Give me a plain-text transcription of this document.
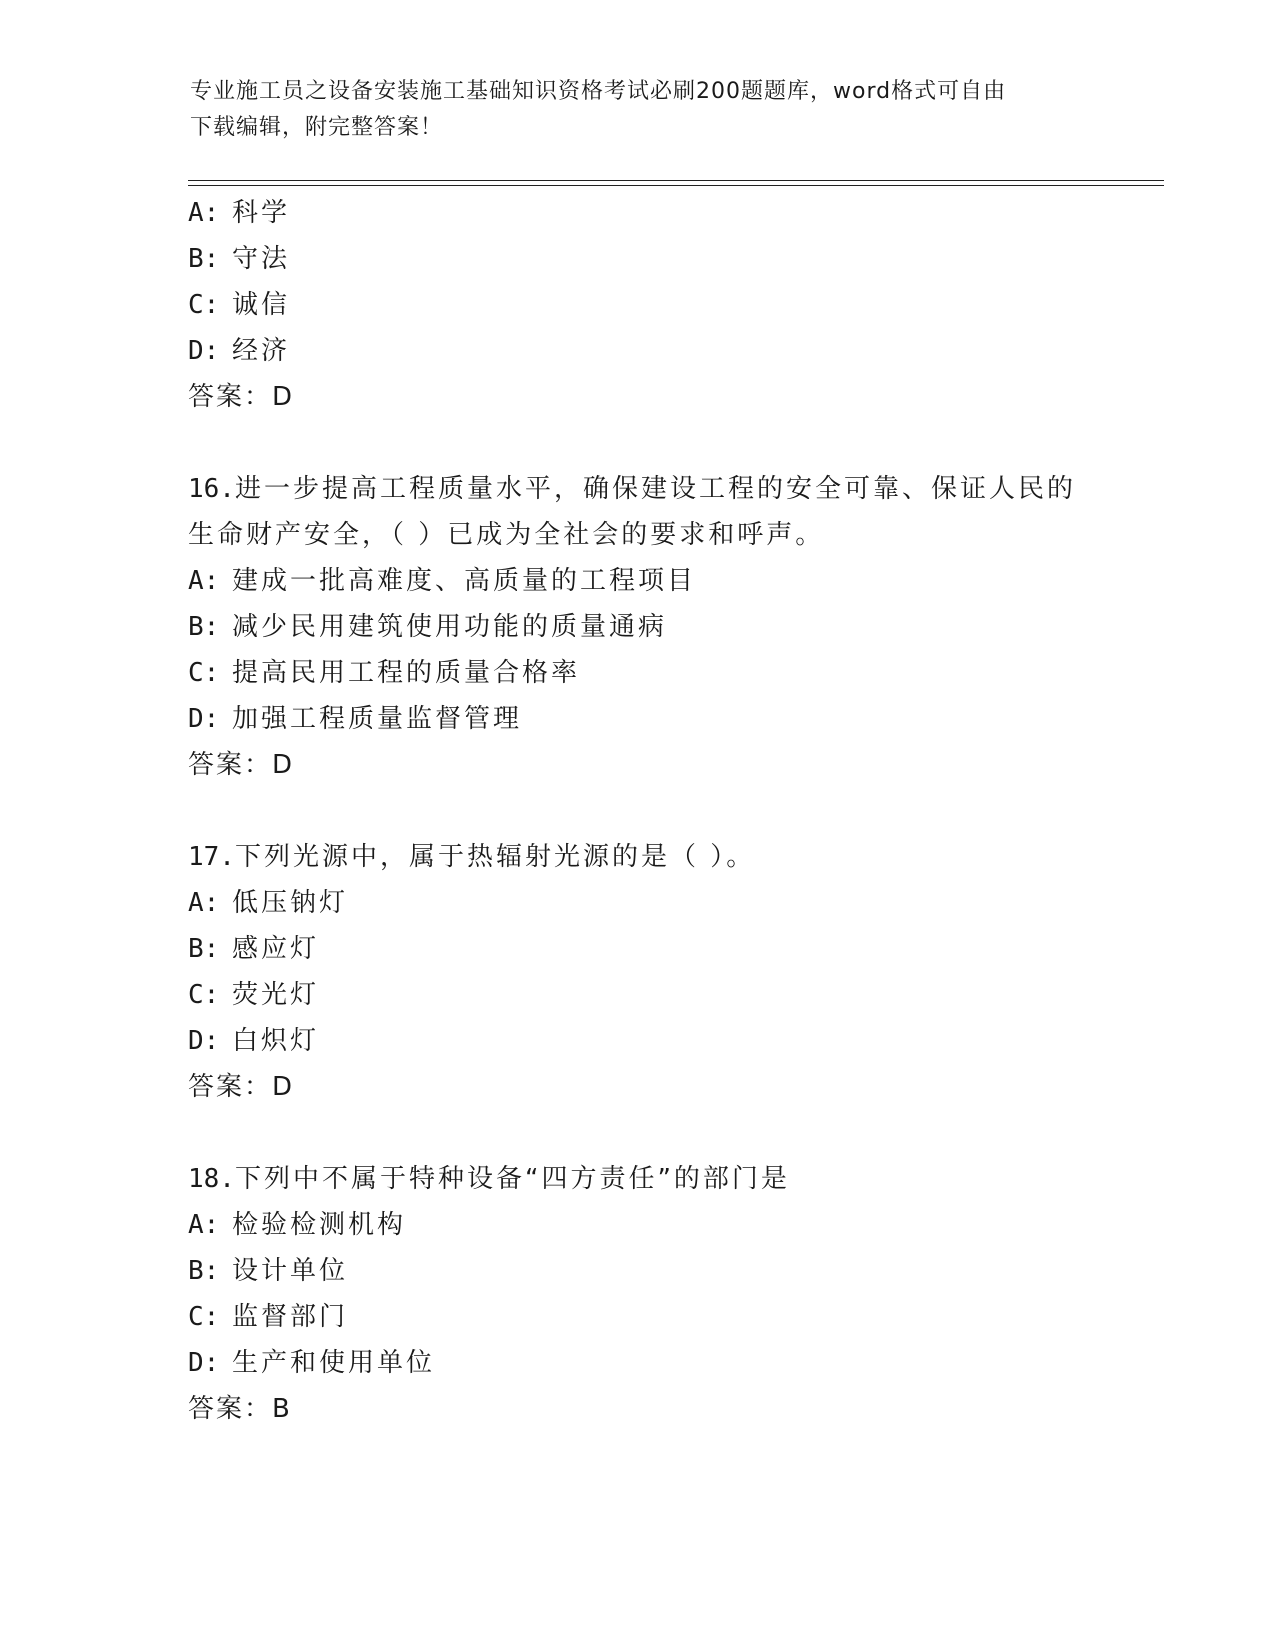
专业施工员之设备安装施工基础知识资格考试必刷200题题库，word格式可自由
下载编辑，附完整答案！
A: 科学
B: 守法
C: 诚信
D: 经济
答案：D
16.进一步提高工程质量水平，确保建设工程的安全可靠、保证人民的
生命财产安全，（ ）已成为全社会的要求和呼声。
A: 建成一批高难度、高质量的工程项目
B: 减少民用建筑使用功能的质量通病
C: 提高民用工程的质量合格率
D: 加强工程质量监督管理
答案：D
17.下列光源中，属于热辐射光源的是（ ）。
A: 低压钠灯
B: 感应灯
C: 荧光灯
D: 白炽灯
答案：D
18.下列中不属于特种设备“四方责任”的部门是
A: 检验检测机构
B: 设计单位
C: 监督部门
D: 生产和使用单位
答案：B
